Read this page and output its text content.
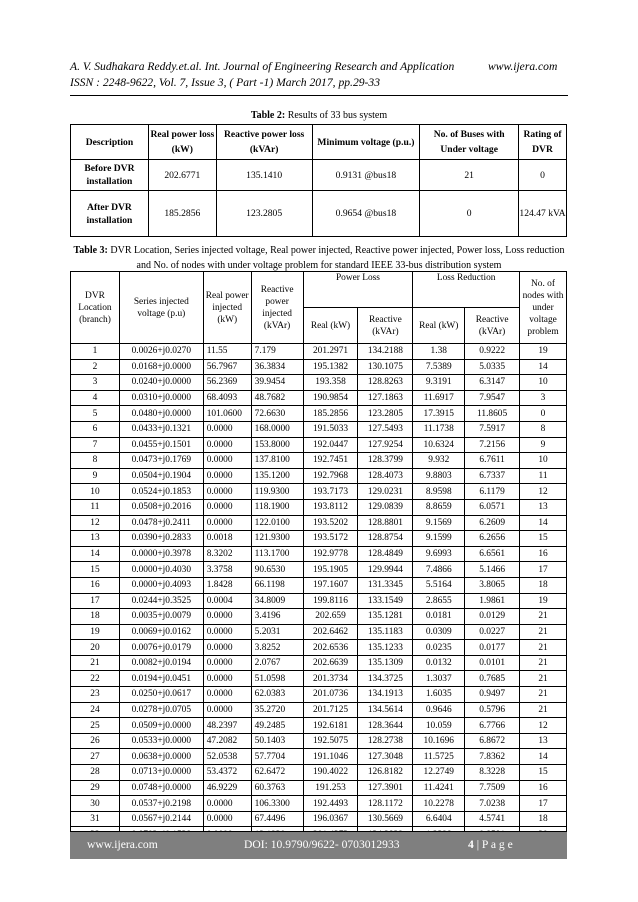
A. V. Sudhakara Reddy.et.al. Int. Journal of Engineering Research and Application	www.ijera.com
ISSN : 2248-9622, Vol. 7, Issue 3, ( Part -1) March 2017, pp.29-33
Table 2: Results of 33 bus system
Description	Real power loss (kW)	Reactive power loss (kVAr)	Minimum voltage (p.u.)	No. of Buses with Under voltage	Rating of DVR
Before DVR installation	202.6771	135.1410	0.9131 @bus18	21	0
After DVR installation	185.2856	123.2805	0.9654 @bus18	0	124.47 kVA
Table 3: DVR Location, Series injected voltage, Real power injected, Reactive power injected, Power loss, Loss reduction and No. of nodes with under voltage problem for standard IEEE 33-bus distribution system
DVR Location (branch)	Series injected voltage (p.u)	Real power injected (kW)	Reactive power injected (kVAr)	Power Loss		Loss Reduction		No. of nodes with under voltage problem
				Real (kW)	Reactive (kVAr)	Real (kW)	Reactive (kVAr)	
1	0.0026+j0.0270	11.55	7.179	201.2971	134.2188	1.38	0.9222	19
2	0.0168+j0.0000	56.7967	36.3834	195.1382	130.1075	7.5389	5.0335	14
3	0.0240+j0.0000	56.2369	39.9454	193.358	128.8263	9.3191	6.3147	10
4	0.0310+j0.0000	68.4093	48.7682	190.9854	127.1863	11.6917	7.9547	3
5	0.0480+j0.0000	101.0600	72.6630	185.2856	123.2805	17.3915	11.8605	0
6	0.0433+j0.1321	0.0000	168.0000	191.5033	127.5493	11.1738	7.5917	8
7	0.0455+j0.1501	0.0000	153.8000	192.0447	127.9254	10.6324	7.2156	9
8	0.0473+j0.1769	0.0000	137.8100	192.7451	128.3799	9.932	6.7611	10
9	0.0504+j0.1904	0.0000	135.1200	192.7968	128.4073	9.8803	6.7337	11
10	0.0524+j0.1853	0.0000	119.9300	193.7173	129.0231	8.9598	6.1179	12
11	0.0508+j0.2016	0.0000	118.1900	193.8112	129.0839	8.8659	6.0571	13
12	0.0478+j0.2411	0.0000	122.0100	193.5202	128.8801	9.1569	6.2609	14
13	0.0390+j0.2833	0.0018	121.9300	193.5172	128.8754	9.1599	6.2656	15
14	0.0000+j0.3978	8.3202	113.1700	192.9778	128.4849	9.6993	6.6561	16
15	0.0000+j0.4030	3.3758	90.6530	195.1905	129.9944	7.4866	5.1466	17
16	0.0000+j0.4093	1.8428	66.1198	197.1607	131.3345	5.5164	3.8065	18
17	0.0244+j0.3525	0.0004	34.8009	199.8116	133.1549	2.8655	1.9861	19
18	0.0035+j0.0079	0.0000	3.4196	202.659	135.1281	0.0181	0.0129	21
19	0.0069+j0.0162	0.0000	5.2031	202.6462	135.1183	0.0309	0.0227	21
20	0.0076+j0.0179	0.0000	3.8252	202.6536	135.1233	0.0235	0.0177	21
21	0.0082+j0.0194	0.0000	2.0767	202.6639	135.1309	0.0132	0.0101	21
22	0.0194+j0.0451	0.0000	51.0598	201.3734	134.3725	1.3037	0.7685	21
23	0.0250+j0.0617	0.0000	62.0383	201.0736	134.1913	1.6035	0.9497	21
24	0.0278+j0.0705	0.0000	35.2720	201.7125	134.5614	0.9646	0.5796	21
25	0.0509+j0.0000	48.2397	49.2485	192.6181	128.3644	10.059	6.7766	12
26	0.0533+j0.0000	47.2082	50.1403	192.5075	128.2738	10.1696	6.8672	13
27	0.0638+j0.0000	52.0538	57.7704	191.1046	127.3048	11.5725	7.8362	14
28	0.0713+j0.0000	53.4372	62.6472	190.4022	126.8182	12.2749	8.3228	15
29	0.0748+j0.0000	46.9229	60.3763	191.253	127.3901	11.4241	7.7509	16
30	0.0537+j0.2198	0.0000	106.3300	192.4493	128.1172	10.2278	7.0238	17
31	0.0567+j0.2144	0.0000	67.4496	196.0367	130.5669	6.6404	4.5741	18

www.ijera.com	DOI: 10.9790/9622- 0703012933	4 | P a g e
